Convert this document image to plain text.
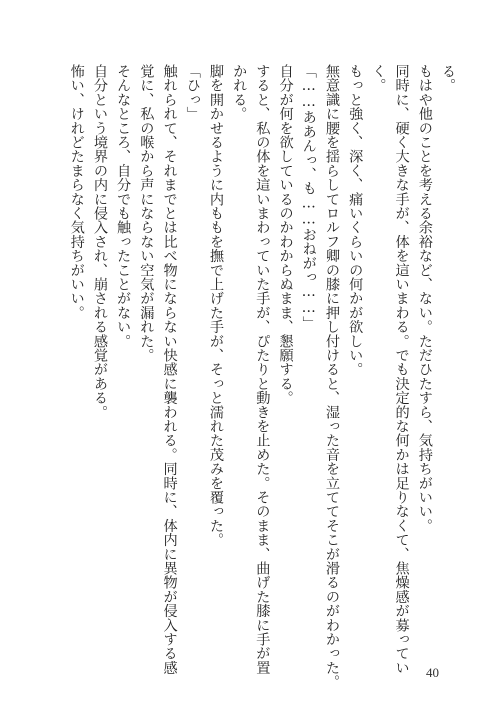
る。
もはや他のことを考える余裕など、ない。ただひたすら、気持ちがいい。
同時に、硬く大きな手が、体を這いまわる。でも決定的な何かは足りなくて、焦燥感が募ってい
く。
もっと強く、深く、痛いくらいの何かが欲しい。
無意識に腰を揺らしてロルフ卿の膝に押し付けると、湿った音を立ててそこが滑るのがわかった。
「……ああんっ、も……おねがっ……」
自分が何を欲しているのかわからぬまま、懇願する。
すると、私の体を這いまわっていた手が、ぴたりと動きを止めた。そのまま、曲げた膝に手が置
かれる。
脚を開かせるように内ももを撫で上げた手が、そっと濡れた茂みを覆った。
「ひっ」
触れられて、それまでとは比べ物にならない快感に襲われる。同時に、体内に異物が侵入する感
覚に、私の喉から声にならない空気が漏れた。
そんなところ、自分でも触ったことがない。
自分という境界の内に侵入され、崩される感覚がある。
怖い、けれどたまらなく気持ちがいい。
40
